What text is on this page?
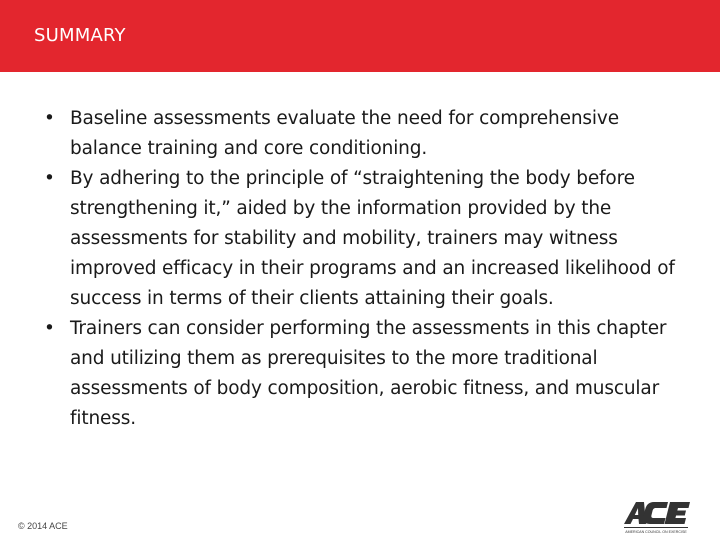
SUMMARY
• Baseline assessments evaluate the need for comprehensive balance training and core conditioning.
• By adhering to the principle of “straightening the body before strengthening it,” aided by the information provided by the assessments for stability and mobility, trainers may witness improved efficacy in their programs and an increased likelihood of success in terms of their clients attaining their goals.
• Trainers can consider performing the assessments in this chapter and utilizing them as prerequisites to the more traditional assessments of body composition, aerobic fitness, and muscular fitness.
© 2014 ACE
AMERICAN COUNCIL ON EXERCISE
